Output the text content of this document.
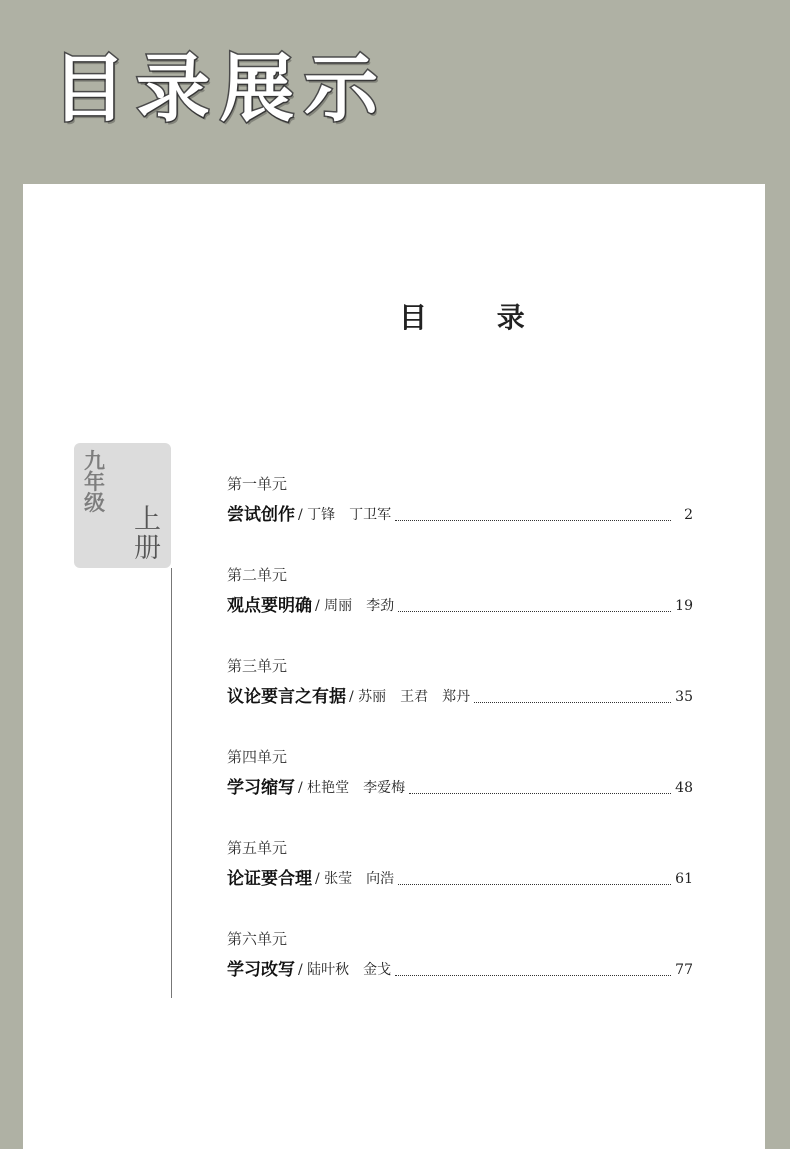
目录展示
目 录
九年级
上册
第一单元
尝试创作 / 丁锋　丁卫军	2
第二单元
观点要明确 / 周丽　李劲	19
第三单元
议论要言之有据 / 苏丽　王君　郑丹	35
第四单元
学习缩写 / 杜艳堂　李爱梅	48
第五单元
论证要合理 / 张莹　向浩	61
第六单元
学习改写 / 陆叶秋　金戈	77
